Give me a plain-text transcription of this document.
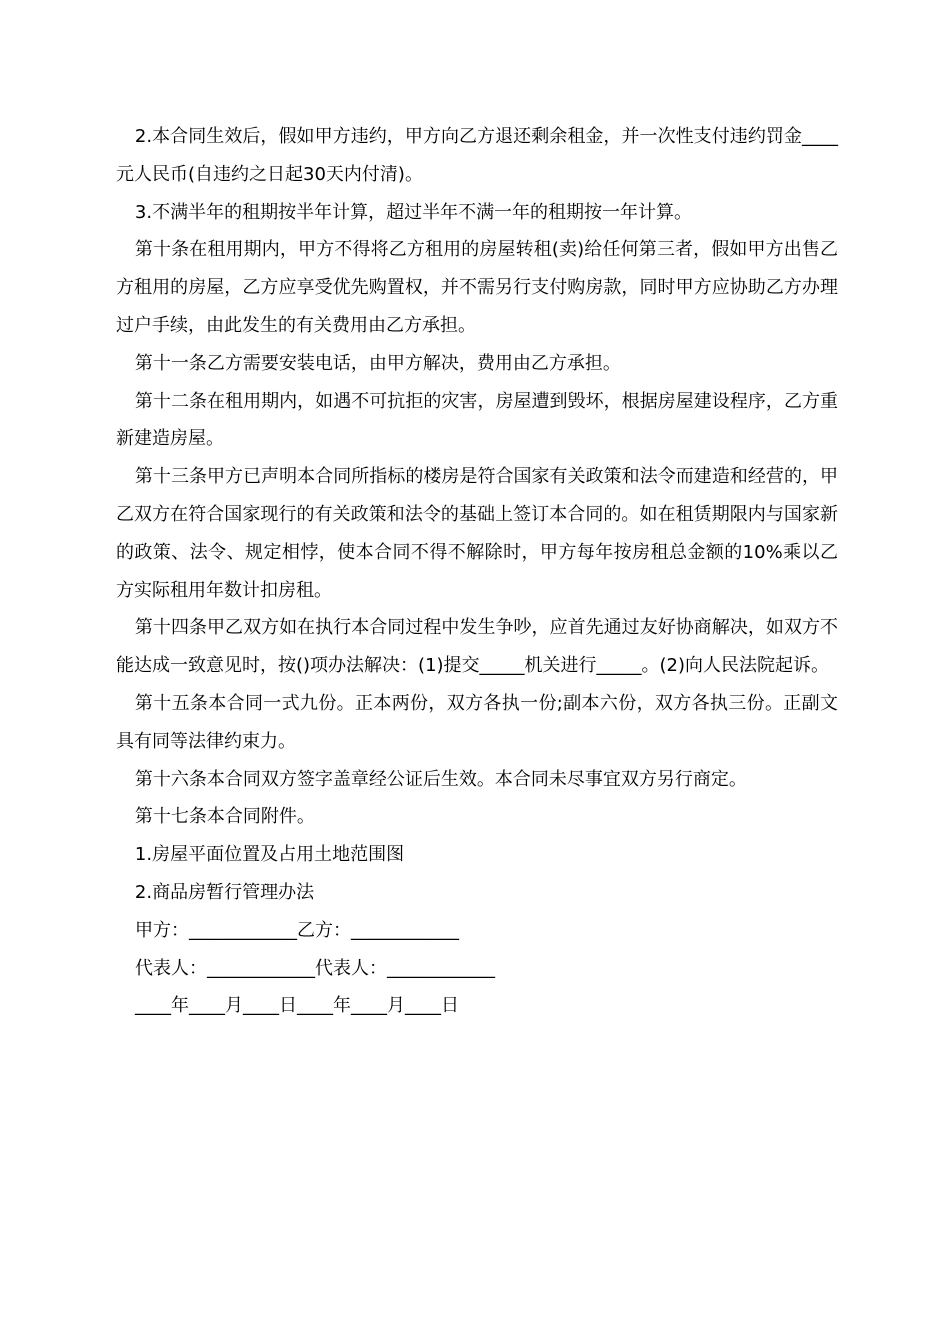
2.本合同生效后，假如甲方违约，甲方向乙方退还剩余租金，并一次性支付违约罚金____元人民币(自违约之日起30天内付清)。

3.不满半年的租期按半年计算，超过半年不满一年的租期按一年计算。

第十条在租用期内，甲方不得将乙方租用的房屋转租(卖)给任何第三者，假如甲方出售乙方租用的房屋，乙方应享受优先购置权，并不需另行支付购房款，同时甲方应协助乙方办理过户手续，由此发生的有关费用由乙方承担。

第十一条乙方需要安装电话，由甲方解决，费用由乙方承担。

第十二条在租用期内，如遇不可抗拒的灾害，房屋遭到毁坏，根据房屋建设程序，乙方重新建造房屋。

第十三条甲方已声明本合同所指标的楼房是符合国家有关政策和法令而建造和经营的，甲乙双方在符合国家现行的有关政策和法令的基础上签订本合同的。如在租赁期限内与国家新的政策、法令、规定相悖，使本合同不得不解除时，甲方每年按房租总金额的10%乘以乙方实际租用年数计扣房租。

第十四条甲乙双方如在执行本合同过程中发生争吵，应首先通过友好协商解决，如双方不能达成一致意见时，按()项办法解决：(1)提交_____机关进行_____。(2)向人民法院起诉。

第十五条本合同一式九份。正本两份，双方各执一份;副本六份，双方各执三份。正副文具有同等法律约束力。

第十六条本合同双方签字盖章经公证后生效。本合同未尽事宜双方另行商定。

第十七条本合同附件。

1.房屋平面位置及占用土地范围图

2.商品房暂行管理办法

甲方：____________乙方：____________

代表人：____________代表人：____________

____年____月____日____年____月____日
